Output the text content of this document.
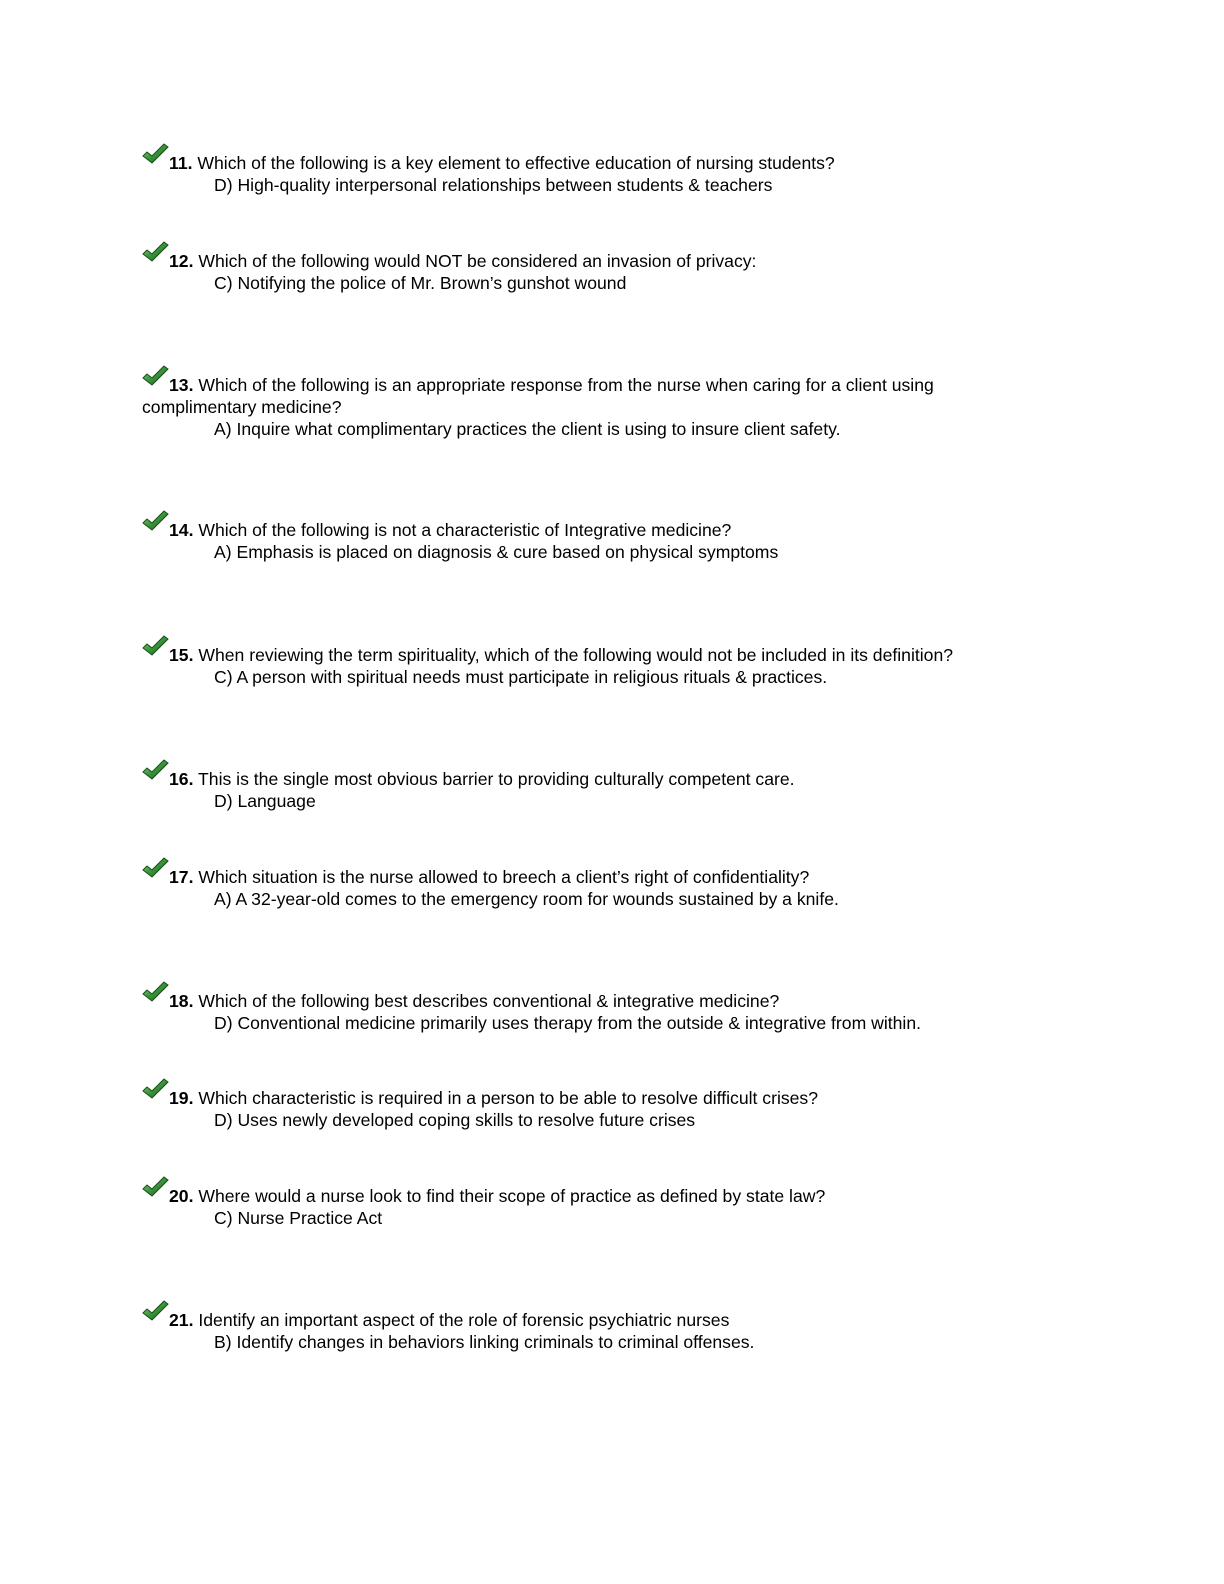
11. Which of the following is a key element to effective education of nursing students?
D) High-quality interpersonal relationships between students & teachers
12. Which of the following would NOT be considered an invasion of privacy:
C) Notifying the police of Mr. Brown’s gunshot wound
13. Which of the following is an appropriate response from the nurse when caring for a client using complimentary medicine?
A) Inquire what complimentary practices the client is using to insure client safety.
14. Which of the following is not a characteristic of Integrative medicine?
A) Emphasis is placed on diagnosis & cure based on physical symptoms
15. When reviewing the term spirituality, which of the following would not be included in its definition?
C) A person with spiritual needs must participate in religious rituals & practices.
16. This is the single most obvious barrier to providing culturally competent care.
D) Language
17. Which situation is the nurse allowed to breech a client’s right of confidentiality?
A) A 32-year-old comes to the emergency room for wounds sustained by a knife.
18. Which of the following best describes conventional & integrative medicine?
D) Conventional medicine primarily uses therapy from the outside & integrative from within.
19. Which characteristic is required in a person to be able to resolve difficult crises?
D) Uses newly developed coping skills to resolve future crises
20. Where would a nurse look to find their scope of practice as defined by state law?
C) Nurse Practice Act
21. Identify an important aspect of the role of forensic psychiatric nurses
B) Identify changes in behaviors linking criminals to criminal offenses.
